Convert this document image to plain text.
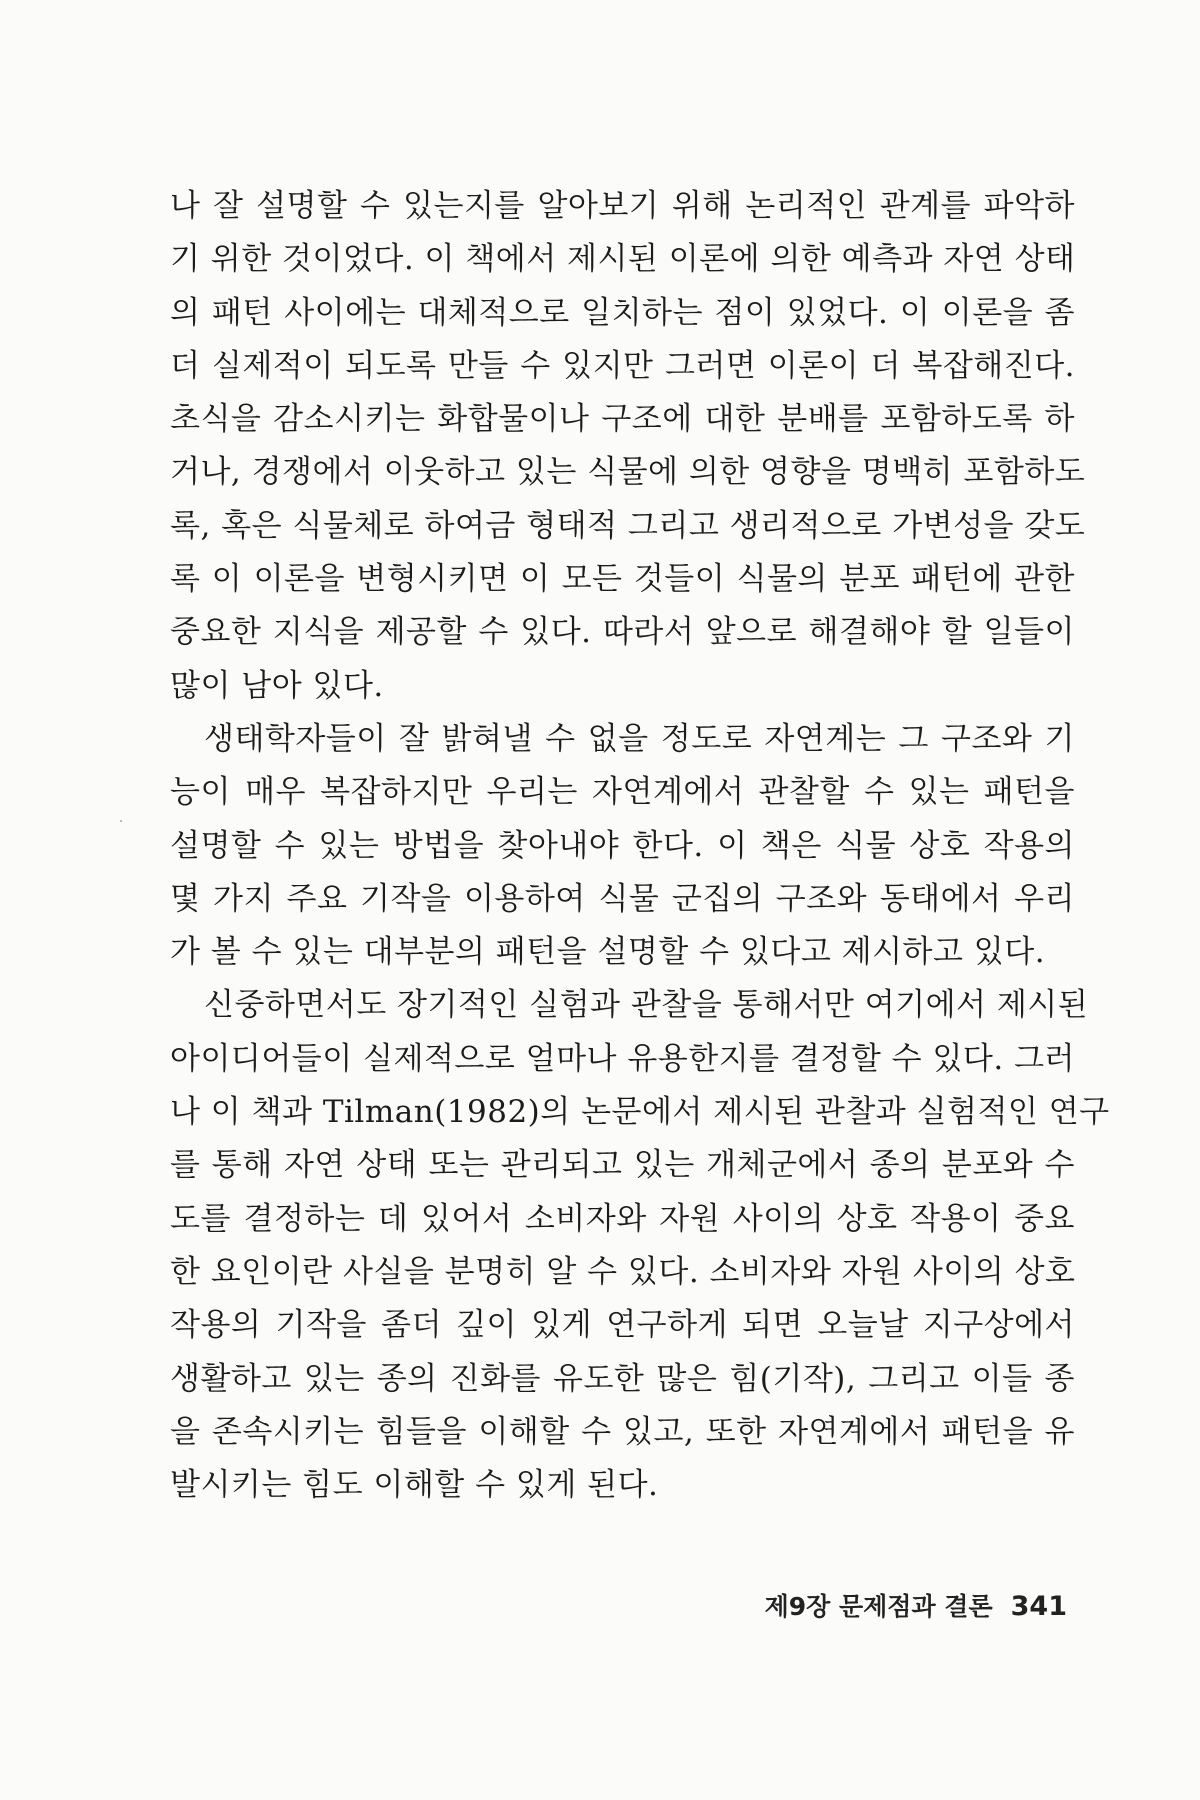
나 잘 설명할 수 있는지를 알아보기 위해 논리적인 관계를 파악하
기 위한 것이었다. 이 책에서 제시된 이론에 의한 예측과 자연 상태
의 패턴 사이에는 대체적으로 일치하는 점이 있었다. 이 이론을 좀
더 실제적이 되도록 만들 수 있지만 그러면 이론이 더 복잡해진다.
초식을 감소시키는 화합물이나 구조에 대한 분배를 포함하도록 하
거나, 경쟁에서 이웃하고 있는 식물에 의한 영향을 명백히 포함하도
록, 혹은 식물체로 하여금 형태적 그리고 생리적으로 가변성을 갖도
록 이 이론을 변형시키면 이 모든 것들이 식물의 분포 패턴에 관한
중요한 지식을 제공할 수 있다. 따라서 앞으로 해결해야 할 일들이
많이 남아 있다.
생태학자들이 잘 밝혀낼 수 없을 정도로 자연계는 그 구조와 기
능이 매우 복잡하지만 우리는 자연계에서 관찰할 수 있는 패턴을
설명할 수 있는 방법을 찾아내야 한다. 이 책은 식물 상호 작용의
몇 가지 주요 기작을 이용하여 식물 군집의 구조와 동태에서 우리
가 볼 수 있는 대부분의 패턴을 설명할 수 있다고 제시하고 있다.
신중하면서도 장기적인 실험과 관찰을 통해서만 여기에서 제시된
아이디어들이 실제적으로 얼마나 유용한지를 결정할 수 있다. 그러
나 이 책과 Tilman(1982)의 논문에서 제시된 관찰과 실험적인 연구
를 통해 자연 상태 또는 관리되고 있는 개체군에서 종의 분포와 수
도를 결정하는 데 있어서 소비자와 자원 사이의 상호 작용이 중요
한 요인이란 사실을 분명히 알 수 있다. 소비자와 자원 사이의 상호
작용의 기작을 좀더 깊이 있게 연구하게 되면 오늘날 지구상에서
생활하고 있는 종의 진화를 유도한 많은 힘(기작), 그리고 이들 종
을 존속시키는 힘들을 이해할 수 있고, 또한 자연계에서 패턴을 유
발시키는 힘도 이해할 수 있게 된다.
제9장 문제점과 결론 341
